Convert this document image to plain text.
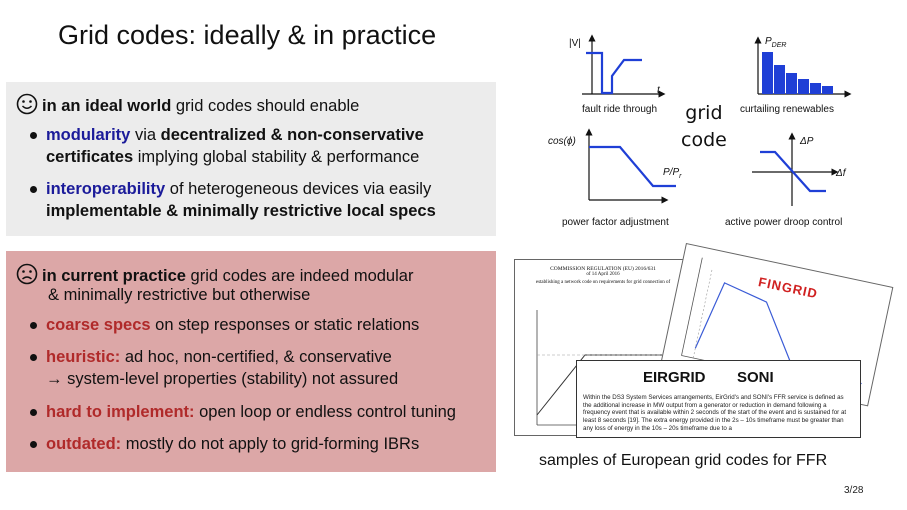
Grid codes: ideally & in practice
in an ideal world grid codes should enable
modularity via decentralized & non-conservative certificates implying global stability & performance
interoperability of heterogeneous devices via easily implementable & minimally restrictive local specs
in current practice grid codes are indeed modular
& minimally restrictive but otherwise
coarse specs on step responses or static relations
heuristic: ad hoc, non-certified, & conservative
→ system-level properties (stability) not assured
hard to implement: open loop or endless control tuning
outdated: mostly do not apply to grid-forming IBRs
|V|
t
fault ride through
$P_{DER}$
curtailing renewables
grid
code
cos(ϕ)
$P/P_r$
power factor adjustment
ΔP
Δf
active power droop control
COMMISSION REGULATION (EU) 2016/631
of 14 April 2016
establishing a network code on requirements for grid connection of	FINGRID
EIRGRID SONI
Within the DS3 System Services arrangements, EirGrid's and SONI's FFR service is defined as the additional increase in MW output from a generator or reduction in demand following a frequency event that is available within 2 seconds of the start of the event and is sustained for at least 8 seconds [19]. The extra energy provided in the 2s – 10s timeframe must be greater than any loss of energy in the 10s – 20s timeframe due to a
samples of European grid codes for FFR
3/28
